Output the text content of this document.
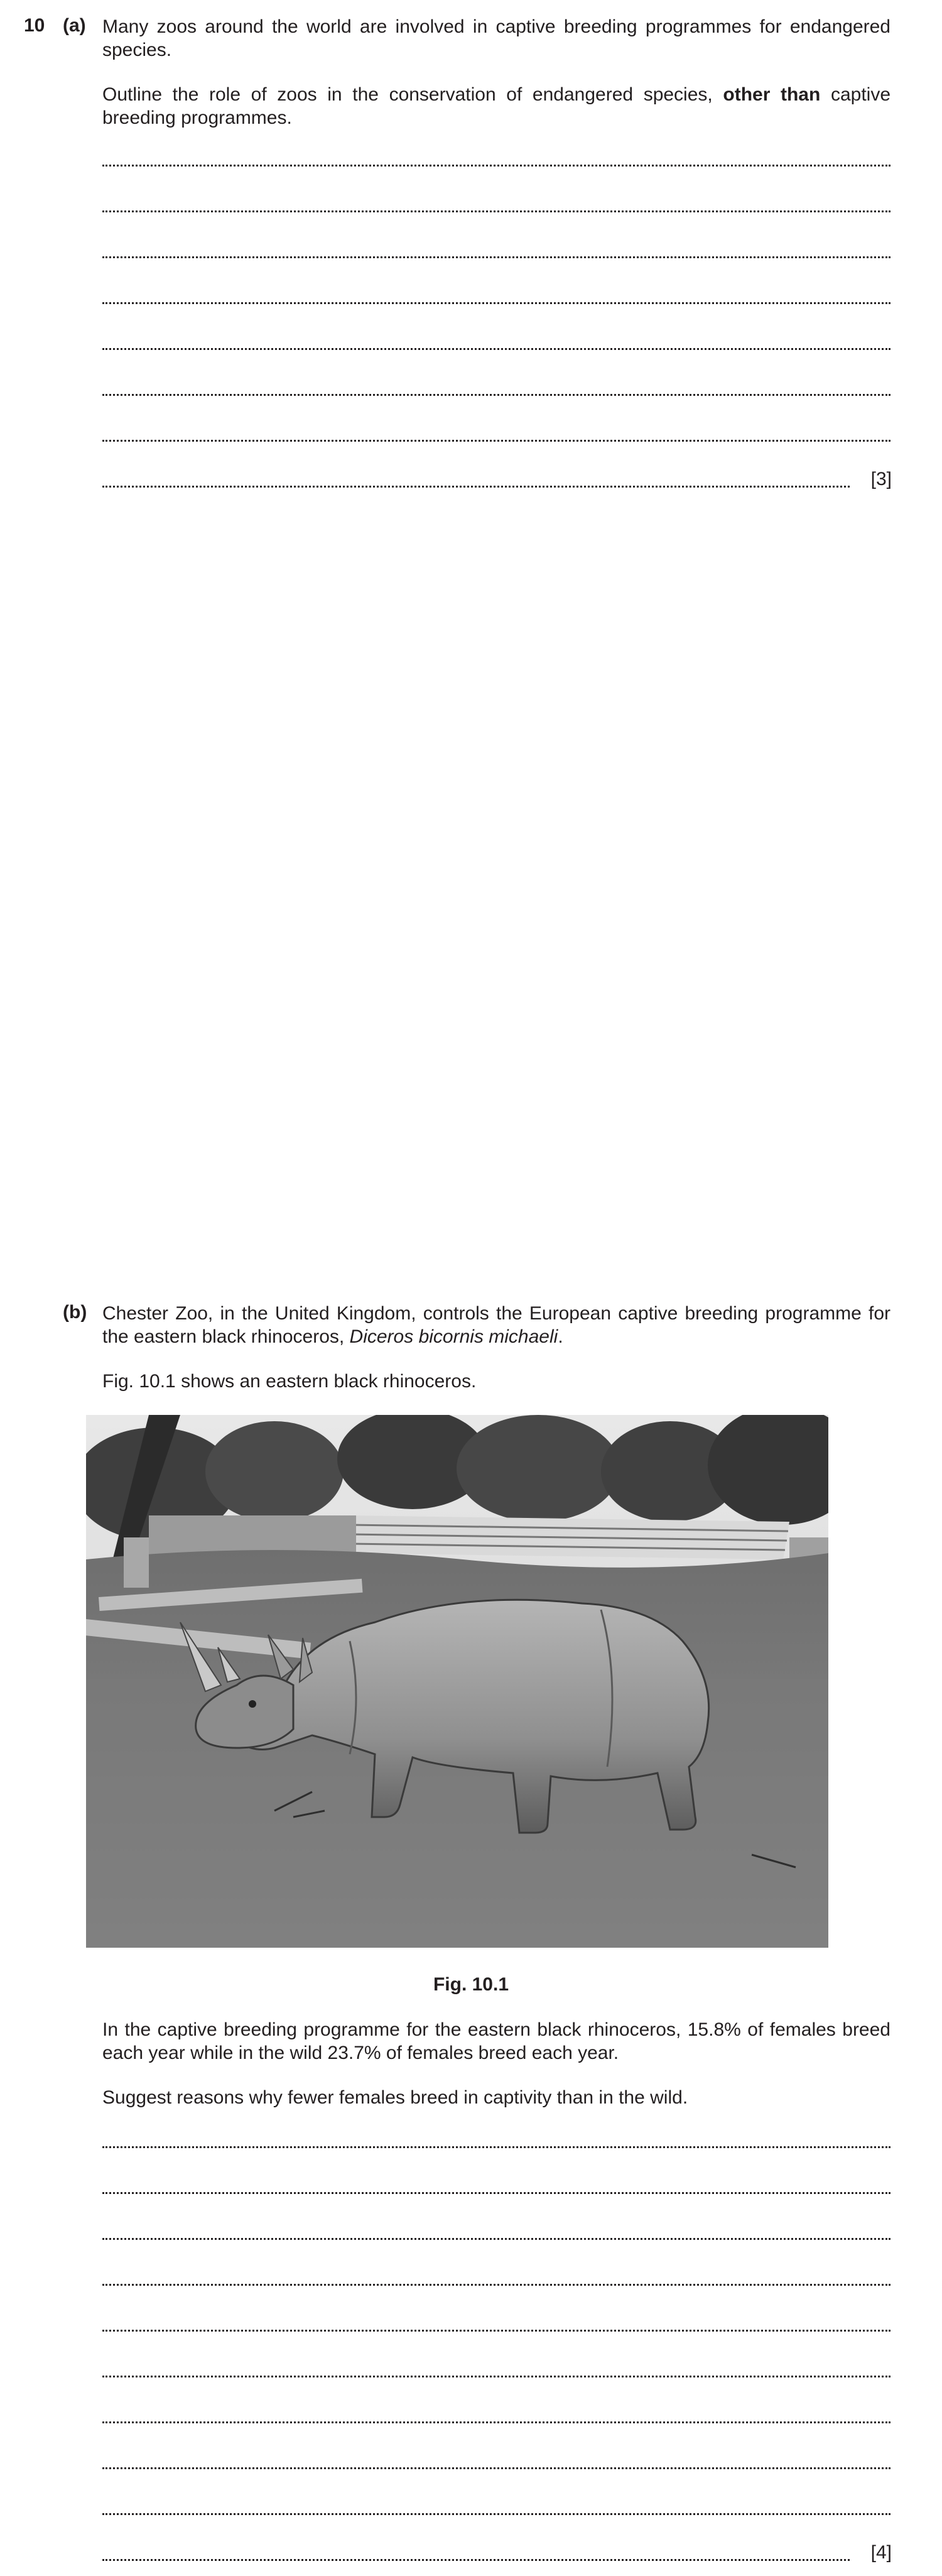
10 (a) Many zoos around the world are involved in captive breeding programmes for endangered species.

Outline the role of zoos in the conservation of endangered species, other than captive breeding programmes.

[3]
(b) Chester Zoo, in the United Kingdom, controls the European captive breeding programme for the eastern black rhinoceros, Diceros bicornis michaeli.

Fig. 10.1 shows an eastern black rhinoceros.

Fig. 10.1

In the captive breeding programme for the eastern black rhinoceros, 15.8% of females breed each year while in the wild 23.7% of females breed each year.

Suggest reasons why fewer females breed in captivity than in the wild.

[4]
